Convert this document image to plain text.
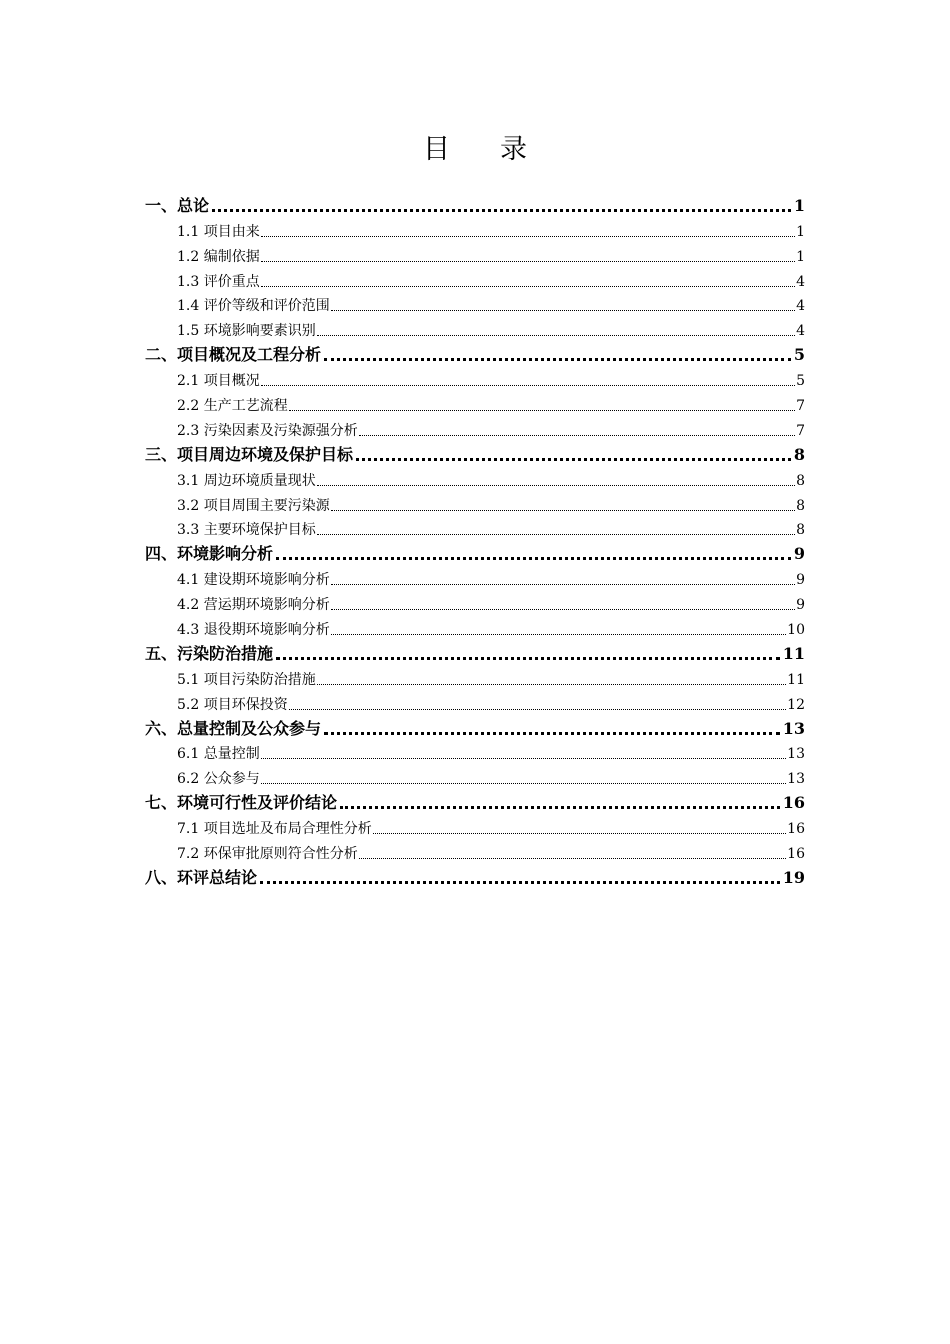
目 录
一、总论	1
1.1 项目由来	1
1.2 编制依据	1
1.3 评价重点	4
1.4 评价等级和评价范围	4
1.5 环境影响要素识别	4
二、项目概况及工程分析	5
2.1 项目概况	5
2.2 生产工艺流程	7
2.3 污染因素及污染源强分析	7
三、项目周边环境及保护目标	8
3.1 周边环境质量现状	8
3.2 项目周围主要污染源	8
3.3 主要环境保护目标	8
四、环境影响分析	9
4.1 建设期环境影响分析	9
4.2 营运期环境影响分析	9
4.3 退役期环境影响分析	10
五、污染防治措施	11
5.1 项目污染防治措施	11
5.2 项目环保投资	12
六、总量控制及公众参与	13
6.1 总量控制	13
6.2 公众参与	13
七、环境可行性及评价结论	16
7.1 项目选址及布局合理性分析	16
7.2 环保审批原则符合性分析	16
八、环评总结论	19
